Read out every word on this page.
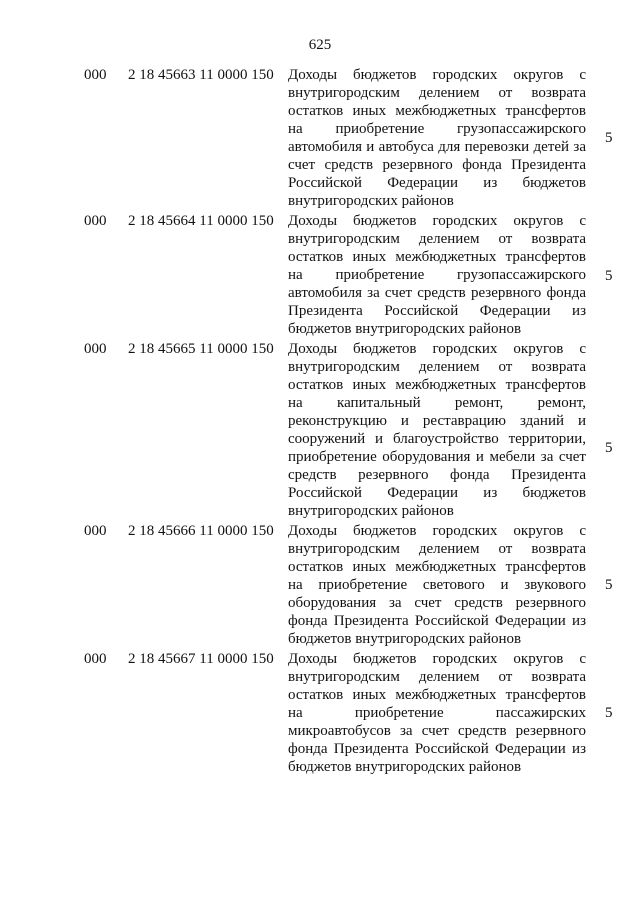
625
000 2 18 45663 11 0000 150 Доходы бюджетов городских округов с внутригородским делением от возврата остатков иных межбюджетных трансфертов на приобретение грузопассажирского автомобиля и автобуса для перевозки детей за счет средств резервного фонда Президента Российской Федерации из бюджетов внутригородских районов
5
000 2 18 45664 11 0000 150 Доходы бюджетов городских округов с внутригородским делением от возврата остатков иных межбюджетных трансфертов на приобретение грузопассажирского автомобиля за счет средств резервного фонда Президента Российской Федерации из бюджетов внутригородских районов
5
000 2 18 45665 11 0000 150 Доходы бюджетов городских округов с внутригородским делением от возврата остатков иных межбюджетных трансфертов на капитальный ремонт, ремонт, реконструкцию и реставрацию зданий и сооружений и благоустройство территории, приобретение оборудования и мебели за счет средств резервного фонда Президента Российской Федерации из бюджетов внутригородских районов
5
000 2 18 45666 11 0000 150 Доходы бюджетов городских округов с внутригородским делением от возврата остатков иных межбюджетных трансфертов на приобретение светового и звукового оборудования за счет средств резервного фонда Президента Российской Федерации из бюджетов внутригородских районов
5
000 2 18 45667 11 0000 150 Доходы бюджетов городских округов с внутригородским делением от возврата остатков иных межбюджетных трансфертов на приобретение пассажирских микроавтобусов за счет средств резервного фонда Президента Российской Федерации из бюджетов внутригородских районов
5
